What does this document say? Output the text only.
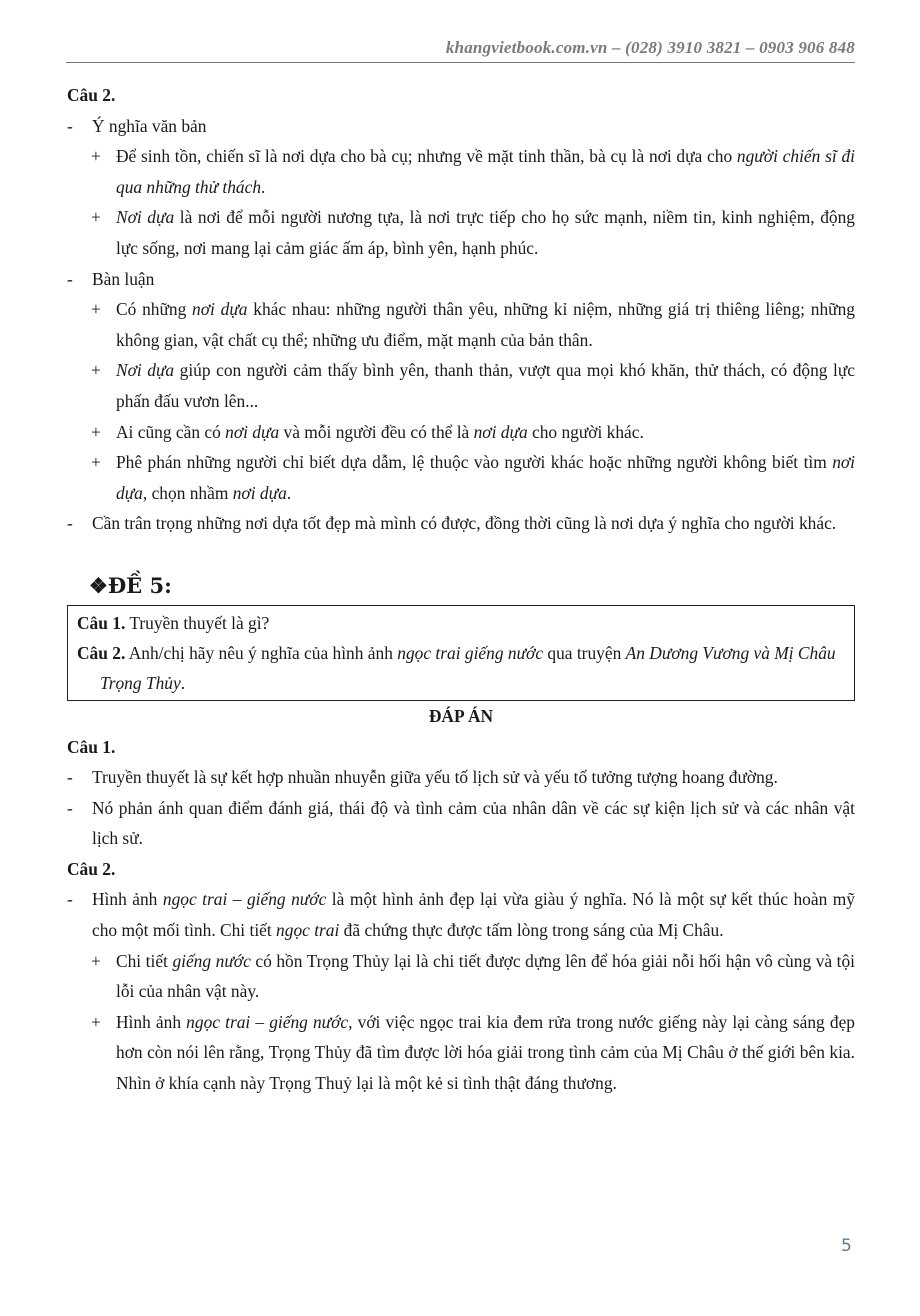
khangvietbook.com.vn – (028) 3910 3821 – 0903 906 848
Câu 2.
- Ý nghĩa văn bản
+ Để sinh tồn, chiến sĩ là nơi dựa cho bà cụ; nhưng về mặt tinh thần, bà cụ là nơi dựa cho người chiến sĩ đi qua những thử thách.
+ Nơi dựa là nơi để mỗi người nương tựa, là nơi trực tiếp cho họ sức mạnh, niềm tin, kinh nghiệm, động lực sống, nơi mang lại cảm giác ấm áp, bình yên, hạnh phúc.
- Bàn luận
+ Có những nơi dựa khác nhau: những người thân yêu, những kỉ niệm, những giá trị thiêng liêng; những không gian, vật chất cụ thể; những ưu điểm, mặt mạnh của bản thân.
+ Nơi dựa giúp con người cảm thấy bình yên, thanh thản, vượt qua mọi khó khăn, thử thách, có động lực phấn đấu vươn lên...
+ Ai cũng cần có nơi dựa và mỗi người đều có thể là nơi dựa cho người khác.
+ Phê phán những người chỉ biết dựa dẫm, lệ thuộc vào người khác hoặc những người không biết tìm nơi dựa, chọn nhầm nơi dựa.
- Cần trân trọng những nơi dựa tốt đẹp mà mình có được, đồng thời cũng là nơi dựa ý nghĩa cho người khác.
❖ĐỀ 5:
Câu 1. Truyền thuyết là gì?
Câu 2. Anh/chị hãy nêu ý nghĩa của hình ảnh ngọc trai giếng nước qua truyện An Dương Vương và Mị Châu Trọng Thủy.
ĐÁP ÁN
Câu 1.
- Truyền thuyết là sự kết hợp nhuần nhuyễn giữa yếu tố lịch sử và yếu tố tưởng tượng hoang đường.
- Nó phản ánh quan điểm đánh giá, thái độ và tình cảm của nhân dân về các sự kiện lịch sử và các nhân vật lịch sử.
Câu 2.
- Hình ảnh ngọc trai – giếng nước là một hình ảnh đẹp lại vừa giàu ý nghĩa. Nó là một sự kết thúc hoàn mỹ cho một mối tình. Chi tiết ngọc trai đã chứng thực được tấm lòng trong sáng của Mị Châu.
+ Chi tiết giếng nước có hồn Trọng Thủy lại là chi tiết được dựng lên để hóa giải nỗi hối hận vô cùng và tội lỗi của nhân vật này.
+ Hình ảnh ngọc trai – giếng nước, với việc ngọc trai kia đem rửa trong nước giếng này lại càng sáng đẹp hơn còn nói lên rằng, Trọng Thủy đã tìm được lời hóa giải trong tình cảm của Mị Châu ở thế giới bên kia. Nhìn ở khía cạnh này Trọng Thuỷ lại là một kẻ si tình thật đáng thương.
5
